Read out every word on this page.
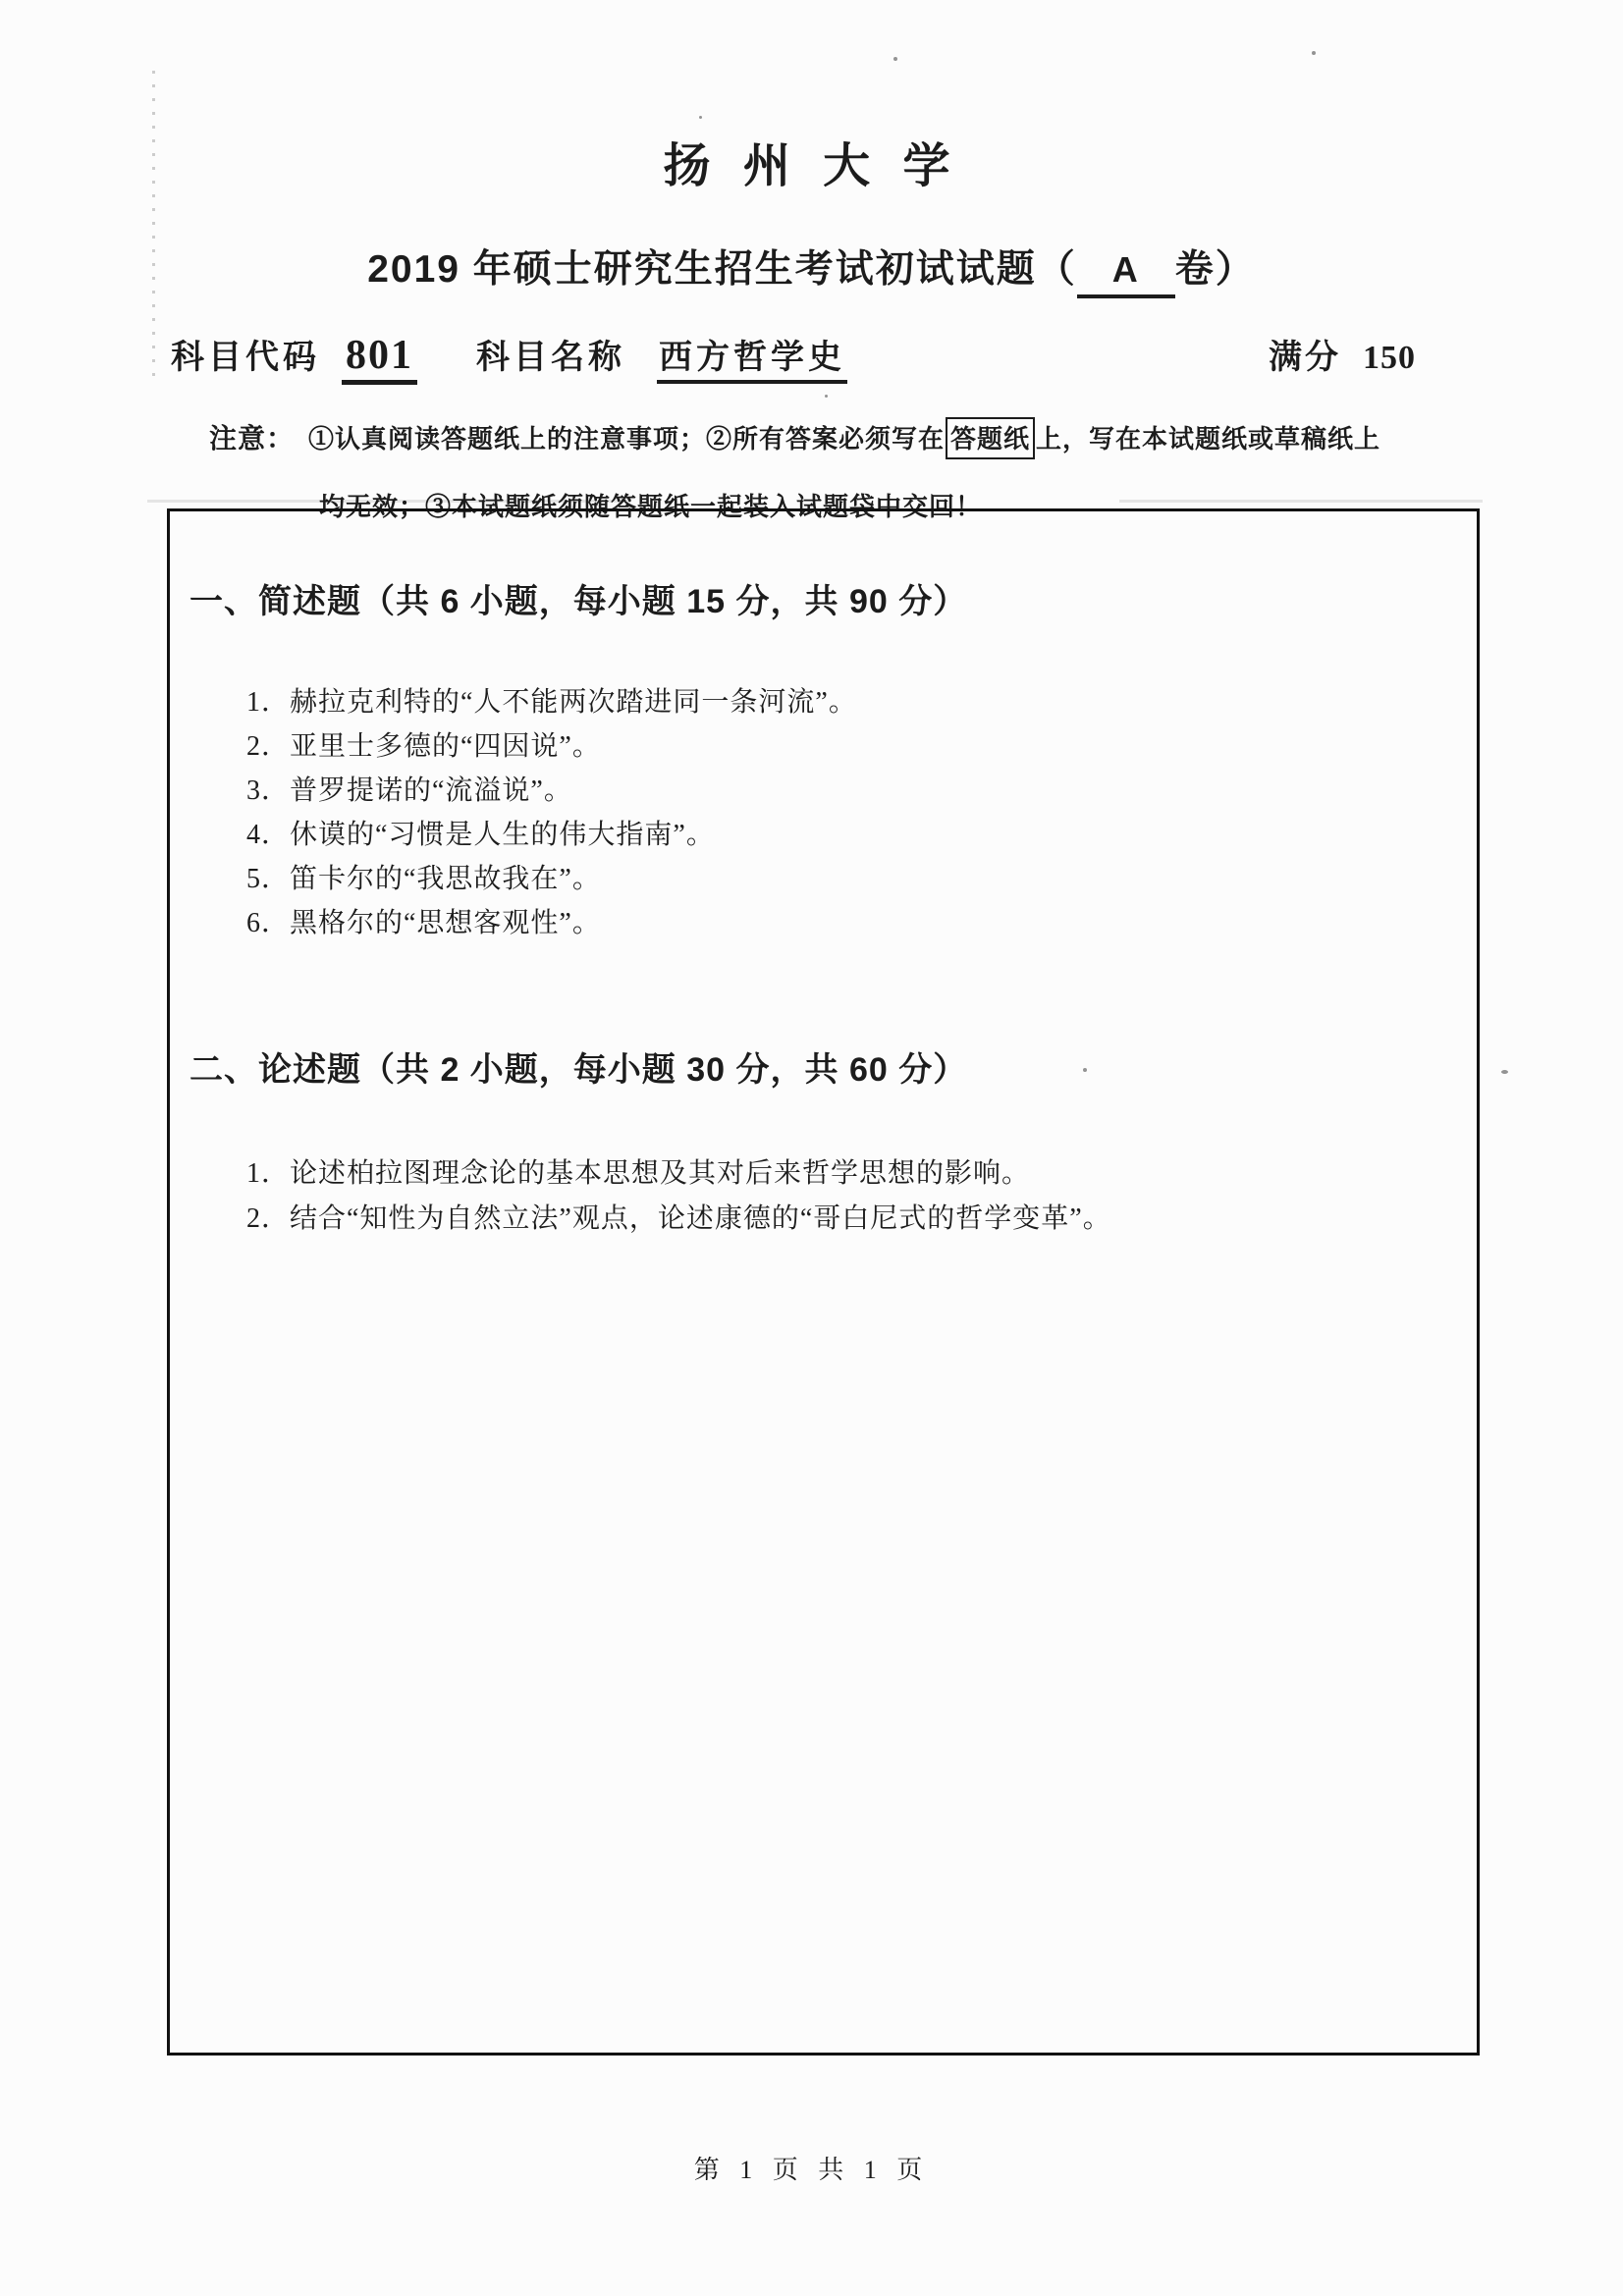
扬 州 大 学
2019 年硕士研究生招生考试初试试题（ A 卷）
科目代码 801 科目名称 西方哲学史	满分 150
注意： ①认真阅读答题纸上的注意事项；②所有答案必须写在 答题纸 上，写在本试题纸或草稿纸上
均无效；③本试题纸须随答题纸一起装入试题袋中交回！
一、简述题（共 6 小题，每小题 15 分，共 90 分）
1．赫拉克利特的“人不能两次踏进同一条河流”。
2．亚里士多德的“四因说”。
3．普罗提诺的“流溢说”。
4．休谟的“习惯是人生的伟大指南”。
5．笛卡尔的“我思故我在”。
6．黑格尔的“思想客观性”。
二、论述题（共 2 小题，每小题 30 分，共 60 分）
1．论述柏拉图理念论的基本思想及其对后来哲学思想的影响。
2．结合“知性为自然立法”观点，论述康德的“哥白尼式的哲学变革”。
第 1 页 共 1 页
